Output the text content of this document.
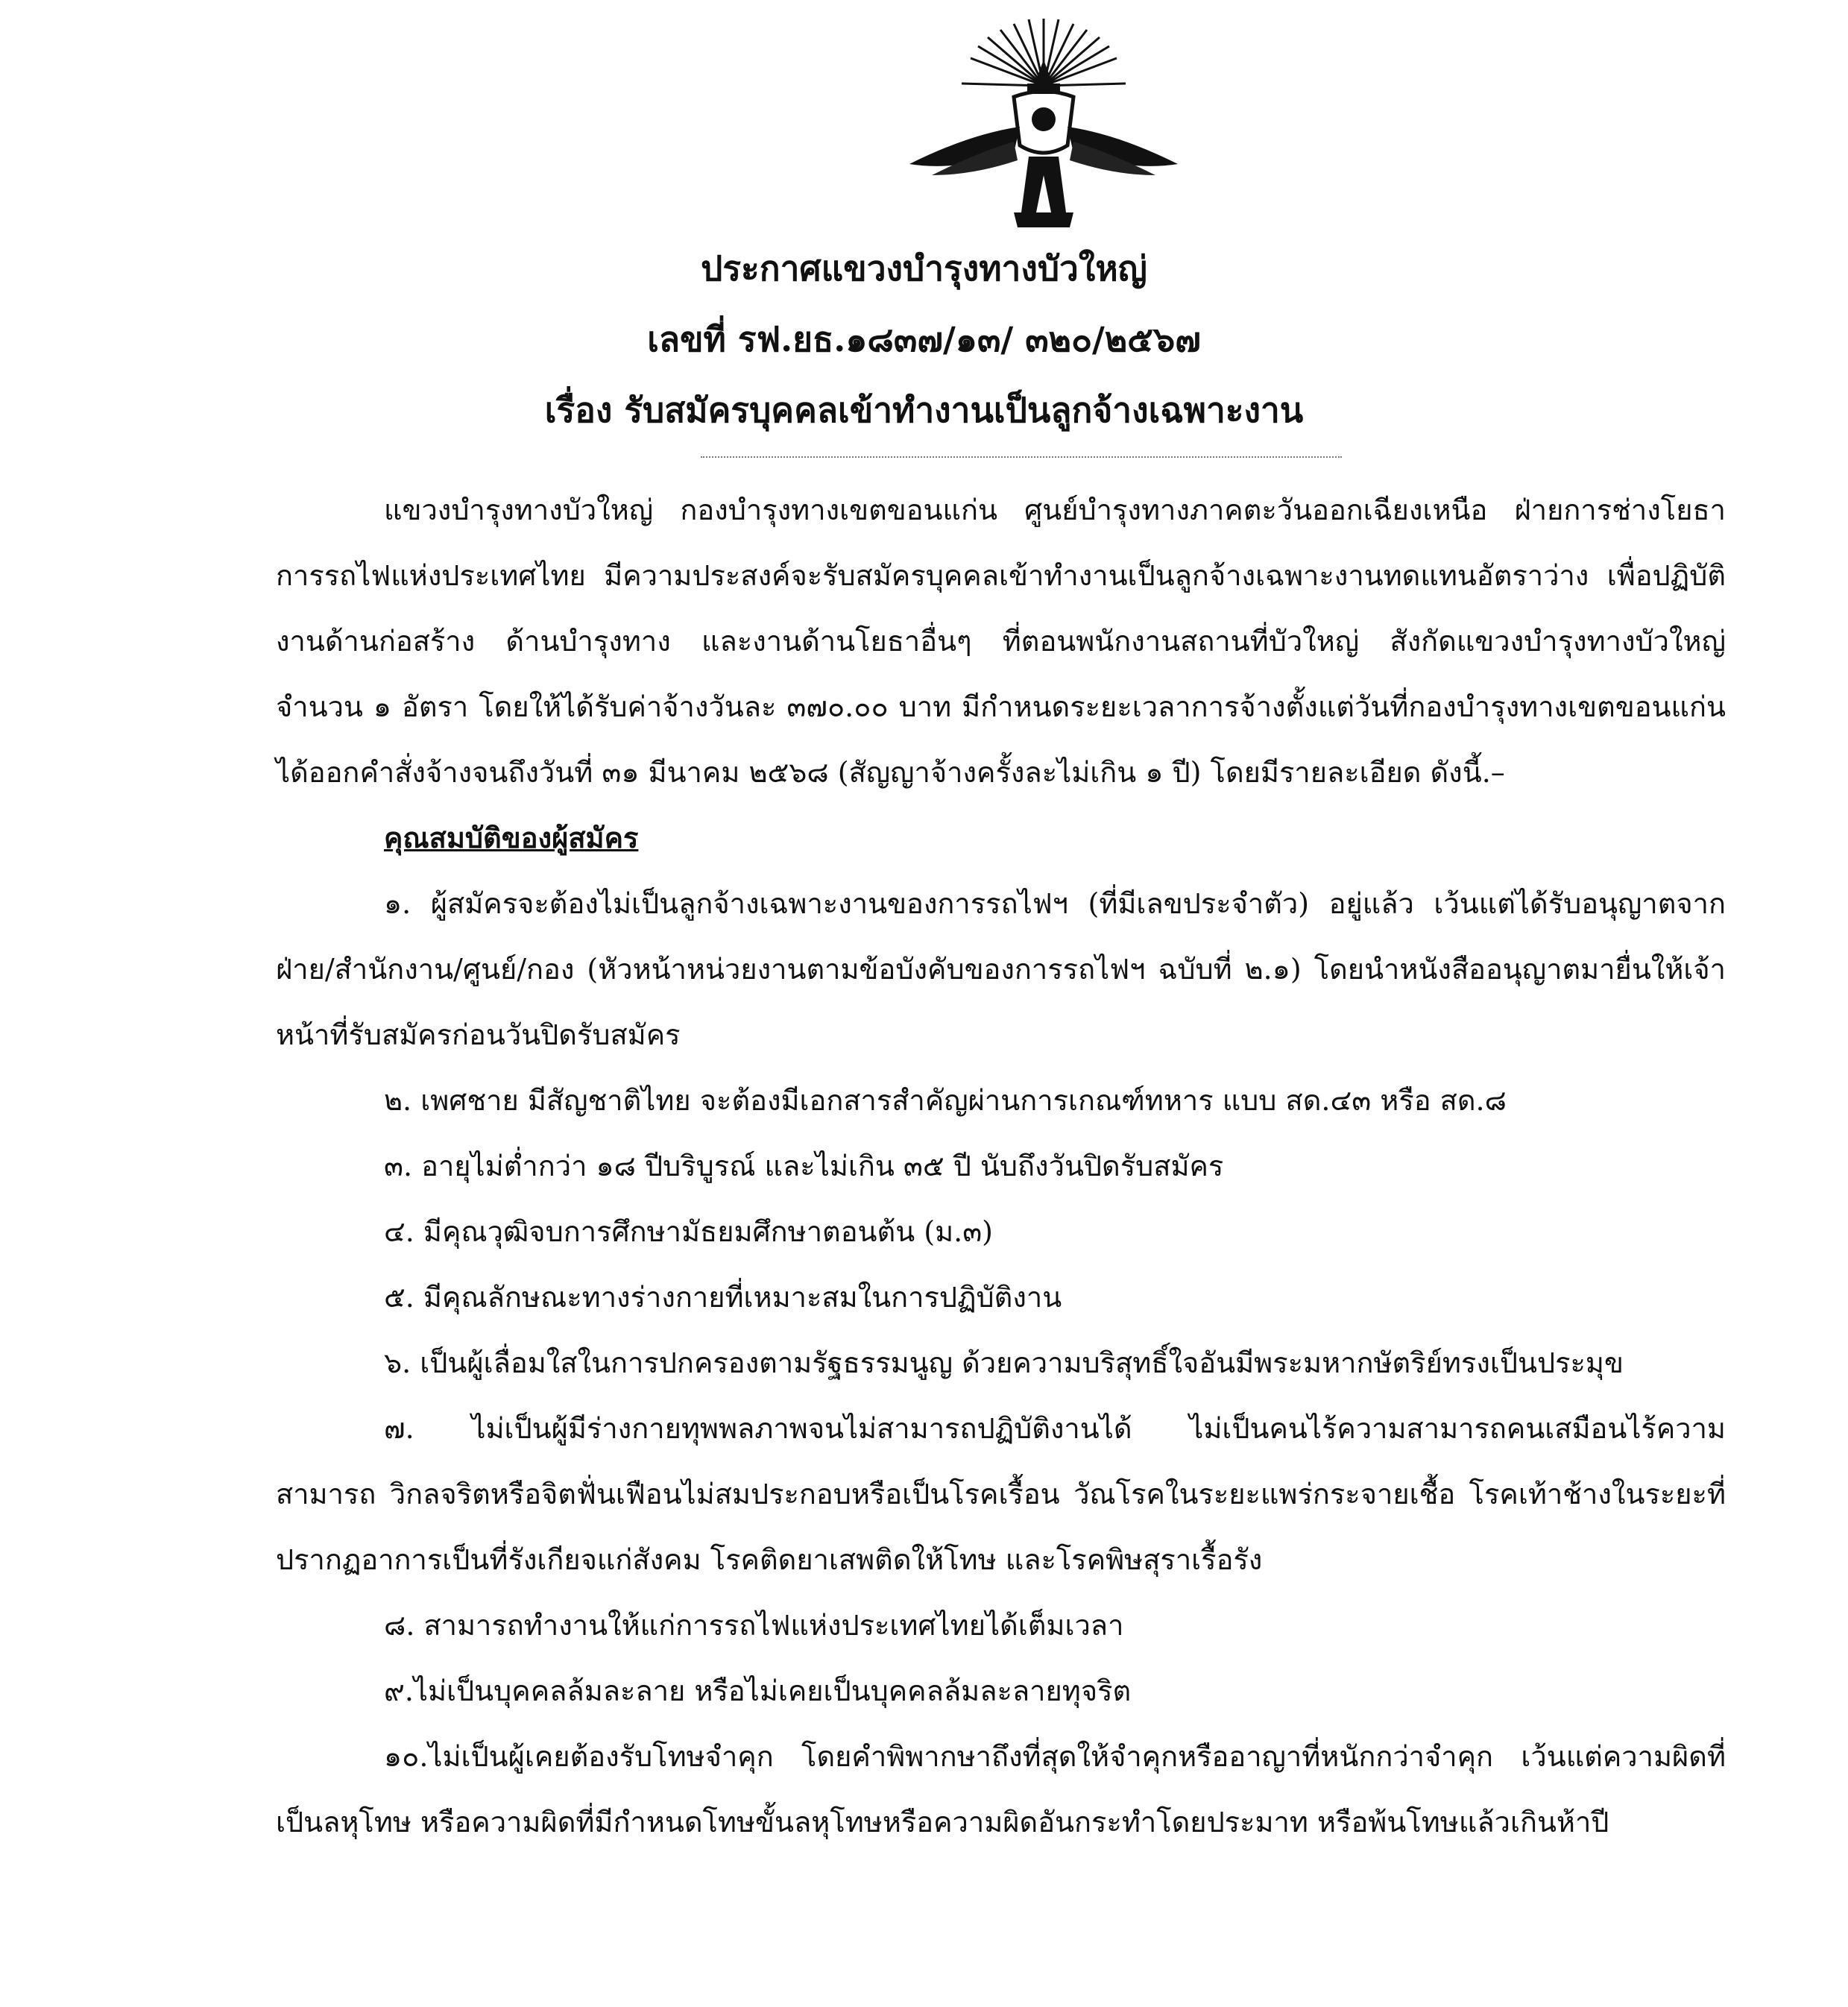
ประกาศแขวงบำรุงทางบัวใหญ่
เลขที่ รฟ.ยธ.๑๘๓๗/๑๓/ ๓๒๐/๒๕๖๗
เรื่อง รับสมัครบุคคลเข้าทำงานเป็นลูกจ้างเฉพาะงาน

แขวงบำรุงทางบัวใหญ่ กองบำรุงทางเขตขอนแก่น ศูนย์บำรุงทางภาคตะวันออกเฉียงเหนือ ฝ่ายการช่างโยธา การรถไฟแห่งประเทศไทย มีความประสงค์จะรับสมัครบุคคลเข้าทำงานเป็นลูกจ้างเฉพาะงานทดแทนอัตราว่าง เพื่อปฏิบัติงานด้านก่อสร้าง ด้านบำรุงทาง และงานด้านโยธาอื่นๆ ที่ตอนพนักงานสถานที่บัวใหญ่ สังกัดแขวงบำรุงทางบัวใหญ่ จำนวน ๑ อัตรา โดยให้ได้รับค่าจ้างวันละ ๓๗๐.๐๐ บาท มีกำหนดระยะเวลาการจ้างตั้งแต่วันที่กองบำรุงทางเขตขอนแก่นได้ออกคำสั่งจ้างจนถึงวันที่ ๓๑ มีนาคม ๒๕๖๘ (สัญญาจ้างครั้งละไม่เกิน ๑ ปี) โดยมีรายละเอียด ดังนี้.–

คุณสมบัติของผู้สมัคร

๑. ผู้สมัครจะต้องไม่เป็นลูกจ้างเฉพาะงานของการรถไฟฯ (ที่มีเลขประจำตัว) อยู่แล้ว เว้นแต่ได้รับอนุญาตจากฝ่าย/สำนักงาน/ศูนย์/กอง (หัวหน้าหน่วยงานตามข้อบังคับของการรถไฟฯ ฉบับที่ ๒.๑) โดยนำหนังสืออนุญาตมายื่นให้เจ้าหน้าที่รับสมัครก่อนวันปิดรับสมัคร

๒. เพศชาย มีสัญชาติไทย จะต้องมีเอกสารสำคัญผ่านการเกณฑ์ทหาร แบบ สด.๔๓ หรือ สด.๘

๓. อายุไม่ต่ำกว่า ๑๘ ปีบริบูรณ์ และไม่เกิน ๓๕ ปี นับถึงวันปิดรับสมัคร

๔. มีคุณวุฒิจบการศึกษามัธยมศึกษาตอนต้น (ม.๓)

๕. มีคุณลักษณะทางร่างกายที่เหมาะสมในการปฏิบัติงาน

๖. เป็นผู้เลื่อมใสในการปกครองตามรัฐธรรมนูญ ด้วยความบริสุทธิ์ใจอันมีพระมหากษัตริย์ทรงเป็นประมุข

๗. ไม่เป็นผู้มีร่างกายทุพพลภาพจนไม่สามารถปฏิบัติงานได้ ไม่เป็นคนไร้ความสามารถคนเสมือนไร้ความสามารถ วิกลจริตหรือจิตฟั่นเฟือนไม่สมประกอบหรือเป็นโรคเรื้อน วัณโรคในระยะแพร่กระจายเชื้อ โรคเท้าช้างในระยะที่ปรากฏอาการเป็นที่รังเกียจแก่สังคม โรคติดยาเสพติดให้โทษ และโรคพิษสุราเรื้อรัง

๘. สามารถทำงานให้แก่การรถไฟแห่งประเทศไทยได้เต็มเวลา

๙.ไม่เป็นบุคคลล้มละลาย หรือไม่เคยเป็นบุคคลล้มละลายทุจริต

๑๐.ไม่เป็นผู้เคยต้องรับโทษจำคุก โดยคำพิพากษาถึงที่สุดให้จำคุกหรืออาญาที่หนักกว่าจำคุก เว้นแต่ความผิดที่เป็นลหุโทษ หรือความผิดที่มีกำหนดโทษขั้นลหุโทษหรือความผิดอันกระทำโดยประมาท หรือพ้นโทษแล้วเกินห้าปี
